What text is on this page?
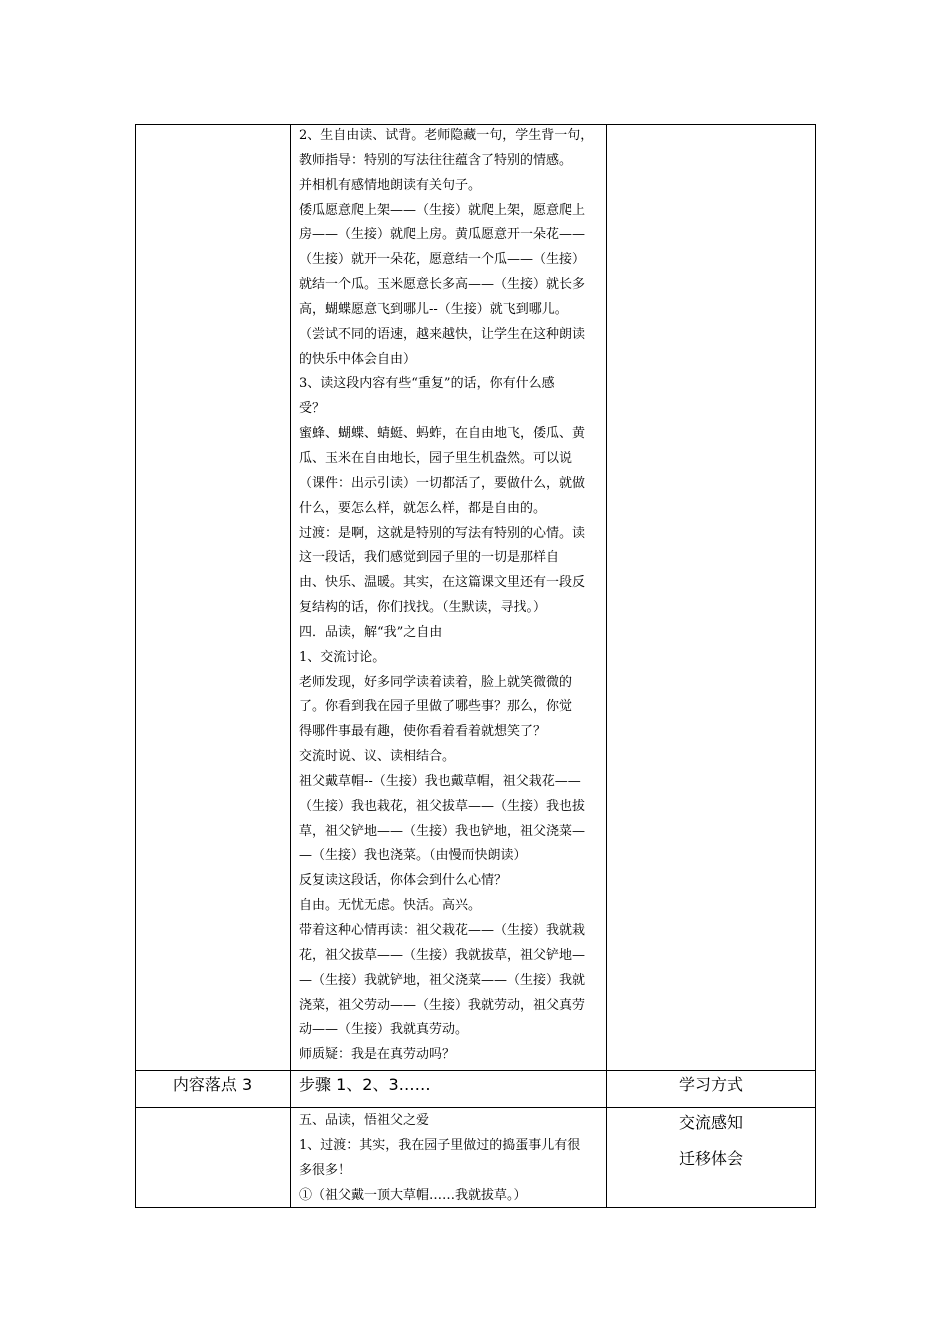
2、生自由读、试背。老师隐藏一句，学生背一句，
教师指导：特别的写法往往蕴含了特别的情感。
并相机有感情地朗读有关句子。
倭瓜愿意爬上架——（生接）就爬上架，愿意爬上
房——（生接）就爬上房。黄瓜愿意开一朵花——
（生接）就开一朵花，愿意结一个瓜——（生接）
就结一个瓜。玉米愿意长多高——（生接）就长多
高，蝴蝶愿意飞到哪儿--（生接）就飞到哪儿。
（尝试不同的语速，越来越快，让学生在这种朗读
的快乐中体会自由）
3、读这段内容有些“重复”的话，你有什么感
受？
蜜蜂、蝴蝶、蜻蜓、蚂蚱，在自由地飞，倭瓜、黄
瓜、玉米在自由地长，园子里生机盎然。可以说
（课件：出示引读）一切都活了，要做什么，就做
什么，要怎么样，就怎么样，都是自由的。
过渡：是啊，这就是特别的写法有特别的心情。读
这一段话，我们感觉到园子里的一切是那样自
由、快乐、温暖。其实，在这篇课文里还有一段反
复结构的话，你们找找。（生默读，寻找。）
四．品读，解“我”之自由
1、交流讨论。
老师发现，好多同学读着读着，脸上就笑微微的
了。你看到我在园子里做了哪些事？那么，你觉
得哪件事最有趣，使你看着看着就想笑了？
交流时说、议、读相结合。
祖父戴草帽--（生接）我也戴草帽，祖父栽花——
（生接）我也栽花，祖父拔草——（生接）我也拔
草，祖父铲地——（生接）我也铲地，祖父浇菜—
—（生接）我也浇菜。（由慢而快朗读）
反复读这段话，你体会到什么心情？
自由。无忧无虑。快活。高兴。
带着这种心情再读：祖父栽花——（生接）我就栽
花，祖父拔草——（生接）我就拔草，祖父铲地—
—（生接）我就铲地，祖父浇菜——（生接）我就
浇菜，祖父劳动——（生接）我就劳动，祖父真劳
动——（生接）我就真劳动。
师质疑：我是在真劳动吗？
内容落点 3	步骤 1、2、3……	学习方式
五、品读，悟祖父之爱
1、过渡：其实，我在园子里做过的捣蛋事儿有很
多很多！
①（祖父戴一顶大草帽……我就拔草。）
交流感知
迁移体会
